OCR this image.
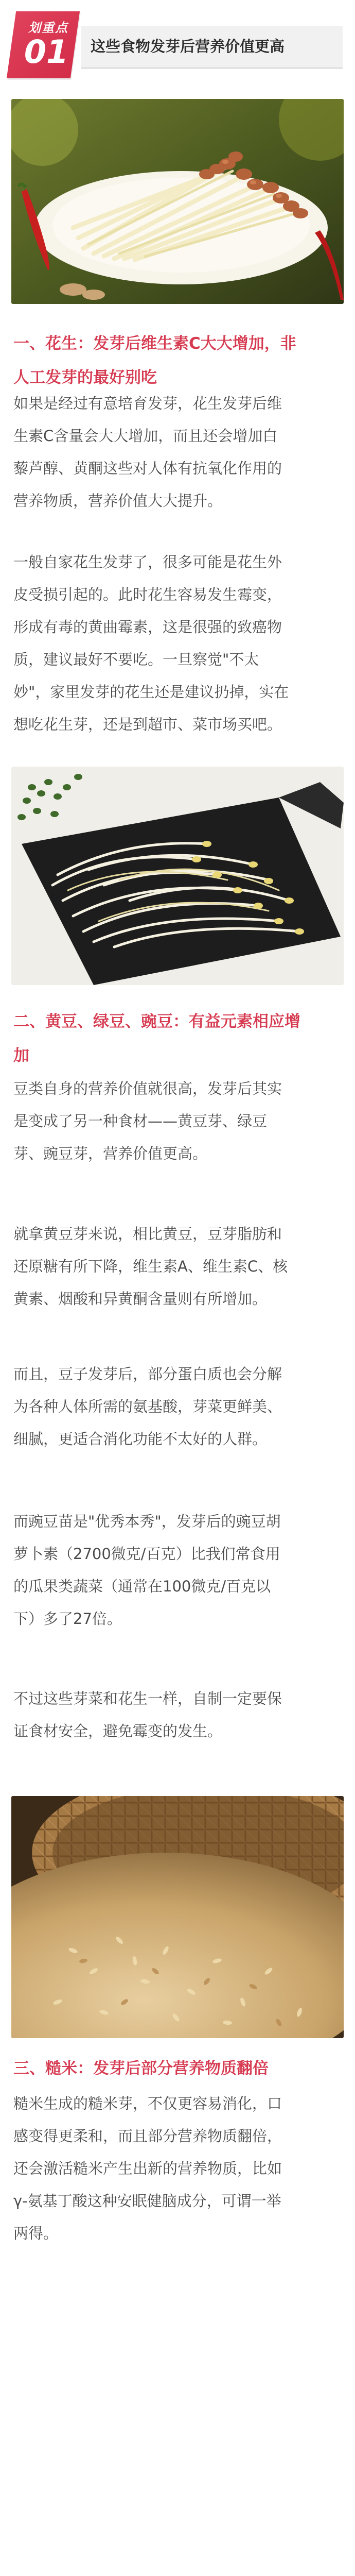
划重点
01 这些食物发芽后营养价值更高
一、花生：发芽后维生素C大大增加，非
人工发芽的最好别吃
如果是经过有意培育发芽，花生发芽后维
生素C含量会大大增加，而且还会增加白
藜芦醇、黄酮这些对人体有抗氧化作用的
营养物质，营养价值大大提升。
一般自家花生发芽了，很多可能是花生外
皮受损引起的。此时花生容易发生霉变，
形成有毒的黄曲霉素，这是很强的致癌物
质，建议最好不要吃。一旦察觉"不太
妙"，家里发芽的花生还是建议扔掉，实在
想吃花生芽，还是到超市、菜市场买吧。
二、黄豆、绿豆、豌豆：有益元素相应增
加
豆类自身的营养价值就很高，发芽后其实
是变成了另一种食材——黄豆芽、绿豆
芽、豌豆芽，营养价值更高。
就拿黄豆芽来说，相比黄豆，豆芽脂肪和
还原糖有所下降，维生素A、维生素C、核
黄素、烟酸和异黄酮含量则有所增加。
而且，豆子发芽后，部分蛋白质也会分解
为各种人体所需的氨基酸，芽菜更鲜美、
细腻，更适合消化功能不太好的人群。
而豌豆苗是"优秀本秀"，发芽后的豌豆胡
萝卜素（2700微克/百克）比我们常食用
的瓜果类蔬菜（通常在100微克/百克以
下）多了27倍。
不过这些芽菜和花生一样，自制一定要保
证食材安全，避免霉变的发生。
三、糙米：发芽后部分营养物质翻倍
糙米生成的糙米芽，不仅更容易消化，口
感变得更柔和，而且部分营养物质翻倍，
还会激活糙米产生出新的营养物质，比如
γ-氨基丁酸这种安眠健脑成分，可谓一举
两得。
